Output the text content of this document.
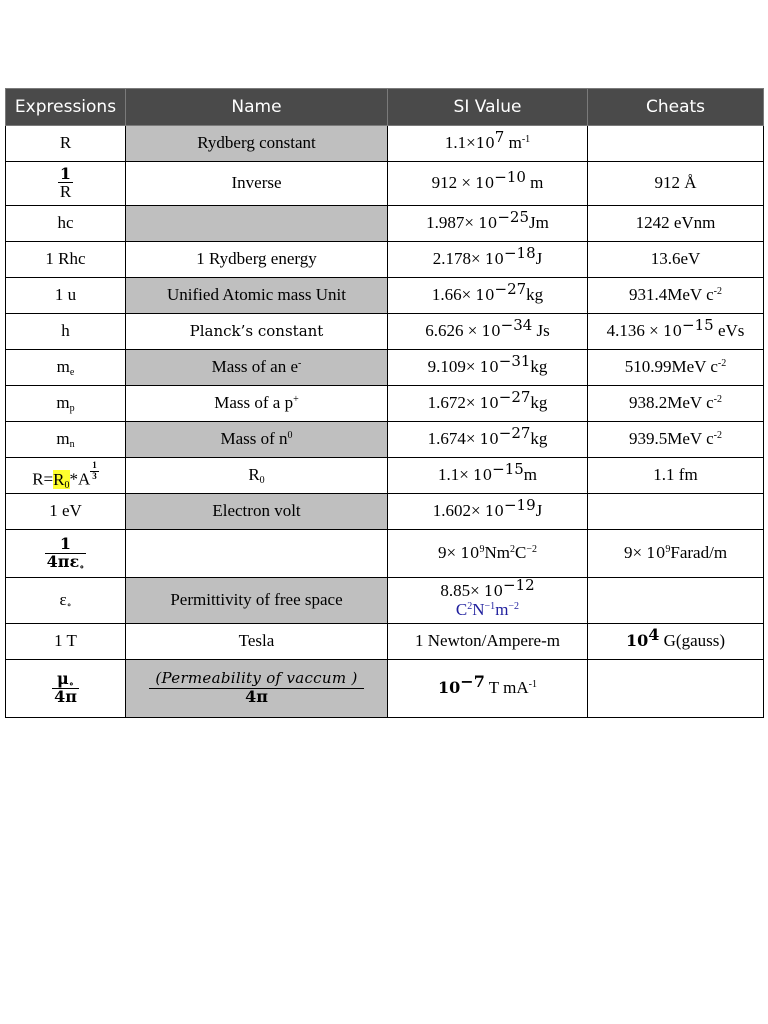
Expressions	Name	SI Value	Cheats
R	Rydberg constant	$1.1\times 10^7$ $m^{-1}$	

$\frac{1}{R}$	Inverse	$912 \times 10^{-10}$ m	912 Å
hc		$1.987\times 10^{-25}Jm$	1242 eVnm
1 Rhc	1 Rydberg energy	$2.178\times 10^{-18}J$	13.6eV
1 u	Unified Atomic mass Unit	$1.66\times 10^{-27}kg$	931.4MeV $c^{-2}$
h	Planck’s constant	$6.626 \times 10^{-34}$ Js	$4.136 \times 10^{-15}$ eVs
$m_e$	Mass of an e-	$9.109\times 10^{-31}kg$	510.99MeV $c^{-2}$
$m_p$	Mass of a p+	$1.672\times 10^{-27}kg$	938.2MeV $c^{-2}$
$m_n$	Mass of $n^0$	$1.674\times 10^{-27}kg$	939.5MeV $c^{-2}$
$R=R_0*A \frac{1}{3}$	$R_0$	$1.1\times 10^{-15}m$	1.1 fm
1 eV	Electron volt	$1.602\times 10^{-19}J$	

$\frac{1}{4\pi\varepsilon_\circ}$		$9\times 10^9Nm^2C^{-2}$	$9\times 10^9Farad/m$
$\varepsilon_\circ$	Permittivity of free space	$8.85\times 10^{-12}$
$C^2N^{-1}m^{-2}$

1 T	Tesla	1 Newton/Ampere-m	$10^4$ G(gauss)

$\frac{\mu_\circ}{4\pi}$	$\frac{\text{(Permeability of vaccum )}}{4\pi}$	$10^{-7}$ T $mA^{-1}$	
